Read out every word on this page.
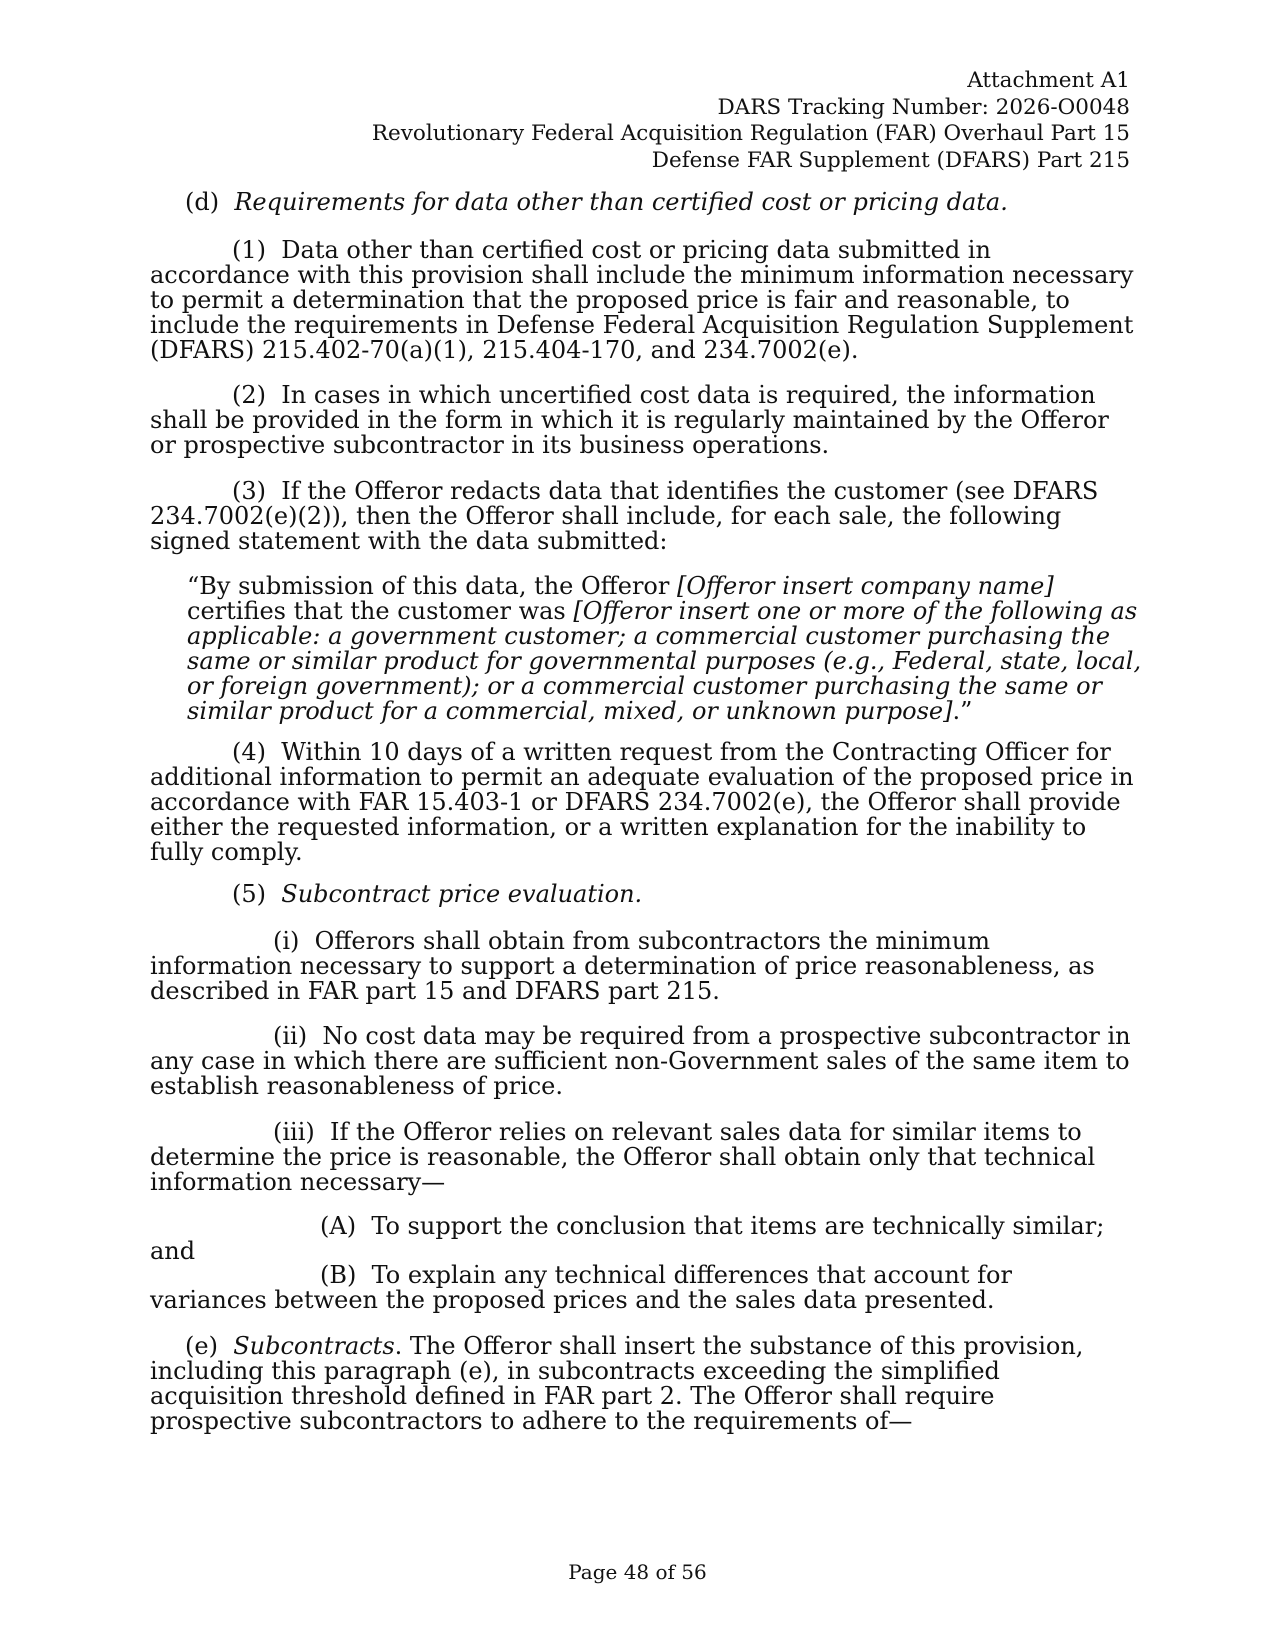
Attachment A1
DARS Tracking Number: 2026-O0048
Revolutionary Federal Acquisition Regulation (FAR) Overhaul Part 15
Defense FAR Supplement (DFARS) Part 215

(d) Requirements for data other than certified cost or pricing data.

(1) Data other than certified cost or pricing data submitted in accordance with this provision shall include the minimum information necessary to permit a determination that the proposed price is fair and reasonable, to include the requirements in Defense Federal Acquisition Regulation Supplement (DFARS) 215.402-70(a)(1), 215.404-170, and 234.7002(e).

(2) In cases in which uncertified cost data is required, the information shall be provided in the form in which it is regularly maintained by the Offeror or prospective subcontractor in its business operations.

(3) If the Offeror redacts data that identifies the customer (see DFARS 234.7002(e)(2)), then the Offeror shall include, for each sale, the following signed statement with the data submitted:

“By submission of this data, the Offeror [Offeror insert company name] certifies that the customer was [Offeror insert one or more of the following as applicable: a government customer; a commercial customer purchasing the same or similar product for governmental purposes (e.g., Federal, state, local, or foreign government); or a commercial customer purchasing the same or similar product for a commercial, mixed, or unknown purpose].”

(4) Within 10 days of a written request from the Contracting Officer for additional information to permit an adequate evaluation of the proposed price in accordance with FAR 15.403-1 or DFARS 234.7002(e), the Offeror shall provide either the requested information, or a written explanation for the inability to fully comply.

(5) Subcontract price evaluation.

(i) Offerors shall obtain from subcontractors the minimum information necessary to support a determination of price reasonableness, as described in FAR part 15 and DFARS part 215.

(ii) No cost data may be required from a prospective subcontractor in any case in which there are sufficient non-Government sales of the same item to establish reasonableness of price.

(iii) If the Offeror relies on relevant sales data for similar items to determine the price is reasonable, the Offeror shall obtain only that technical information necessary—

(A) To support the conclusion that items are technically similar; and

(B) To explain any technical differences that account for variances between the proposed prices and the sales data presented.

(e) Subcontracts. The Offeror shall insert the substance of this provision, including this paragraph (e), in subcontracts exceeding the simplified acquisition threshold defined in FAR part 2. The Offeror shall require prospective subcontractors to adhere to the requirements of—

Page 48 of 56
